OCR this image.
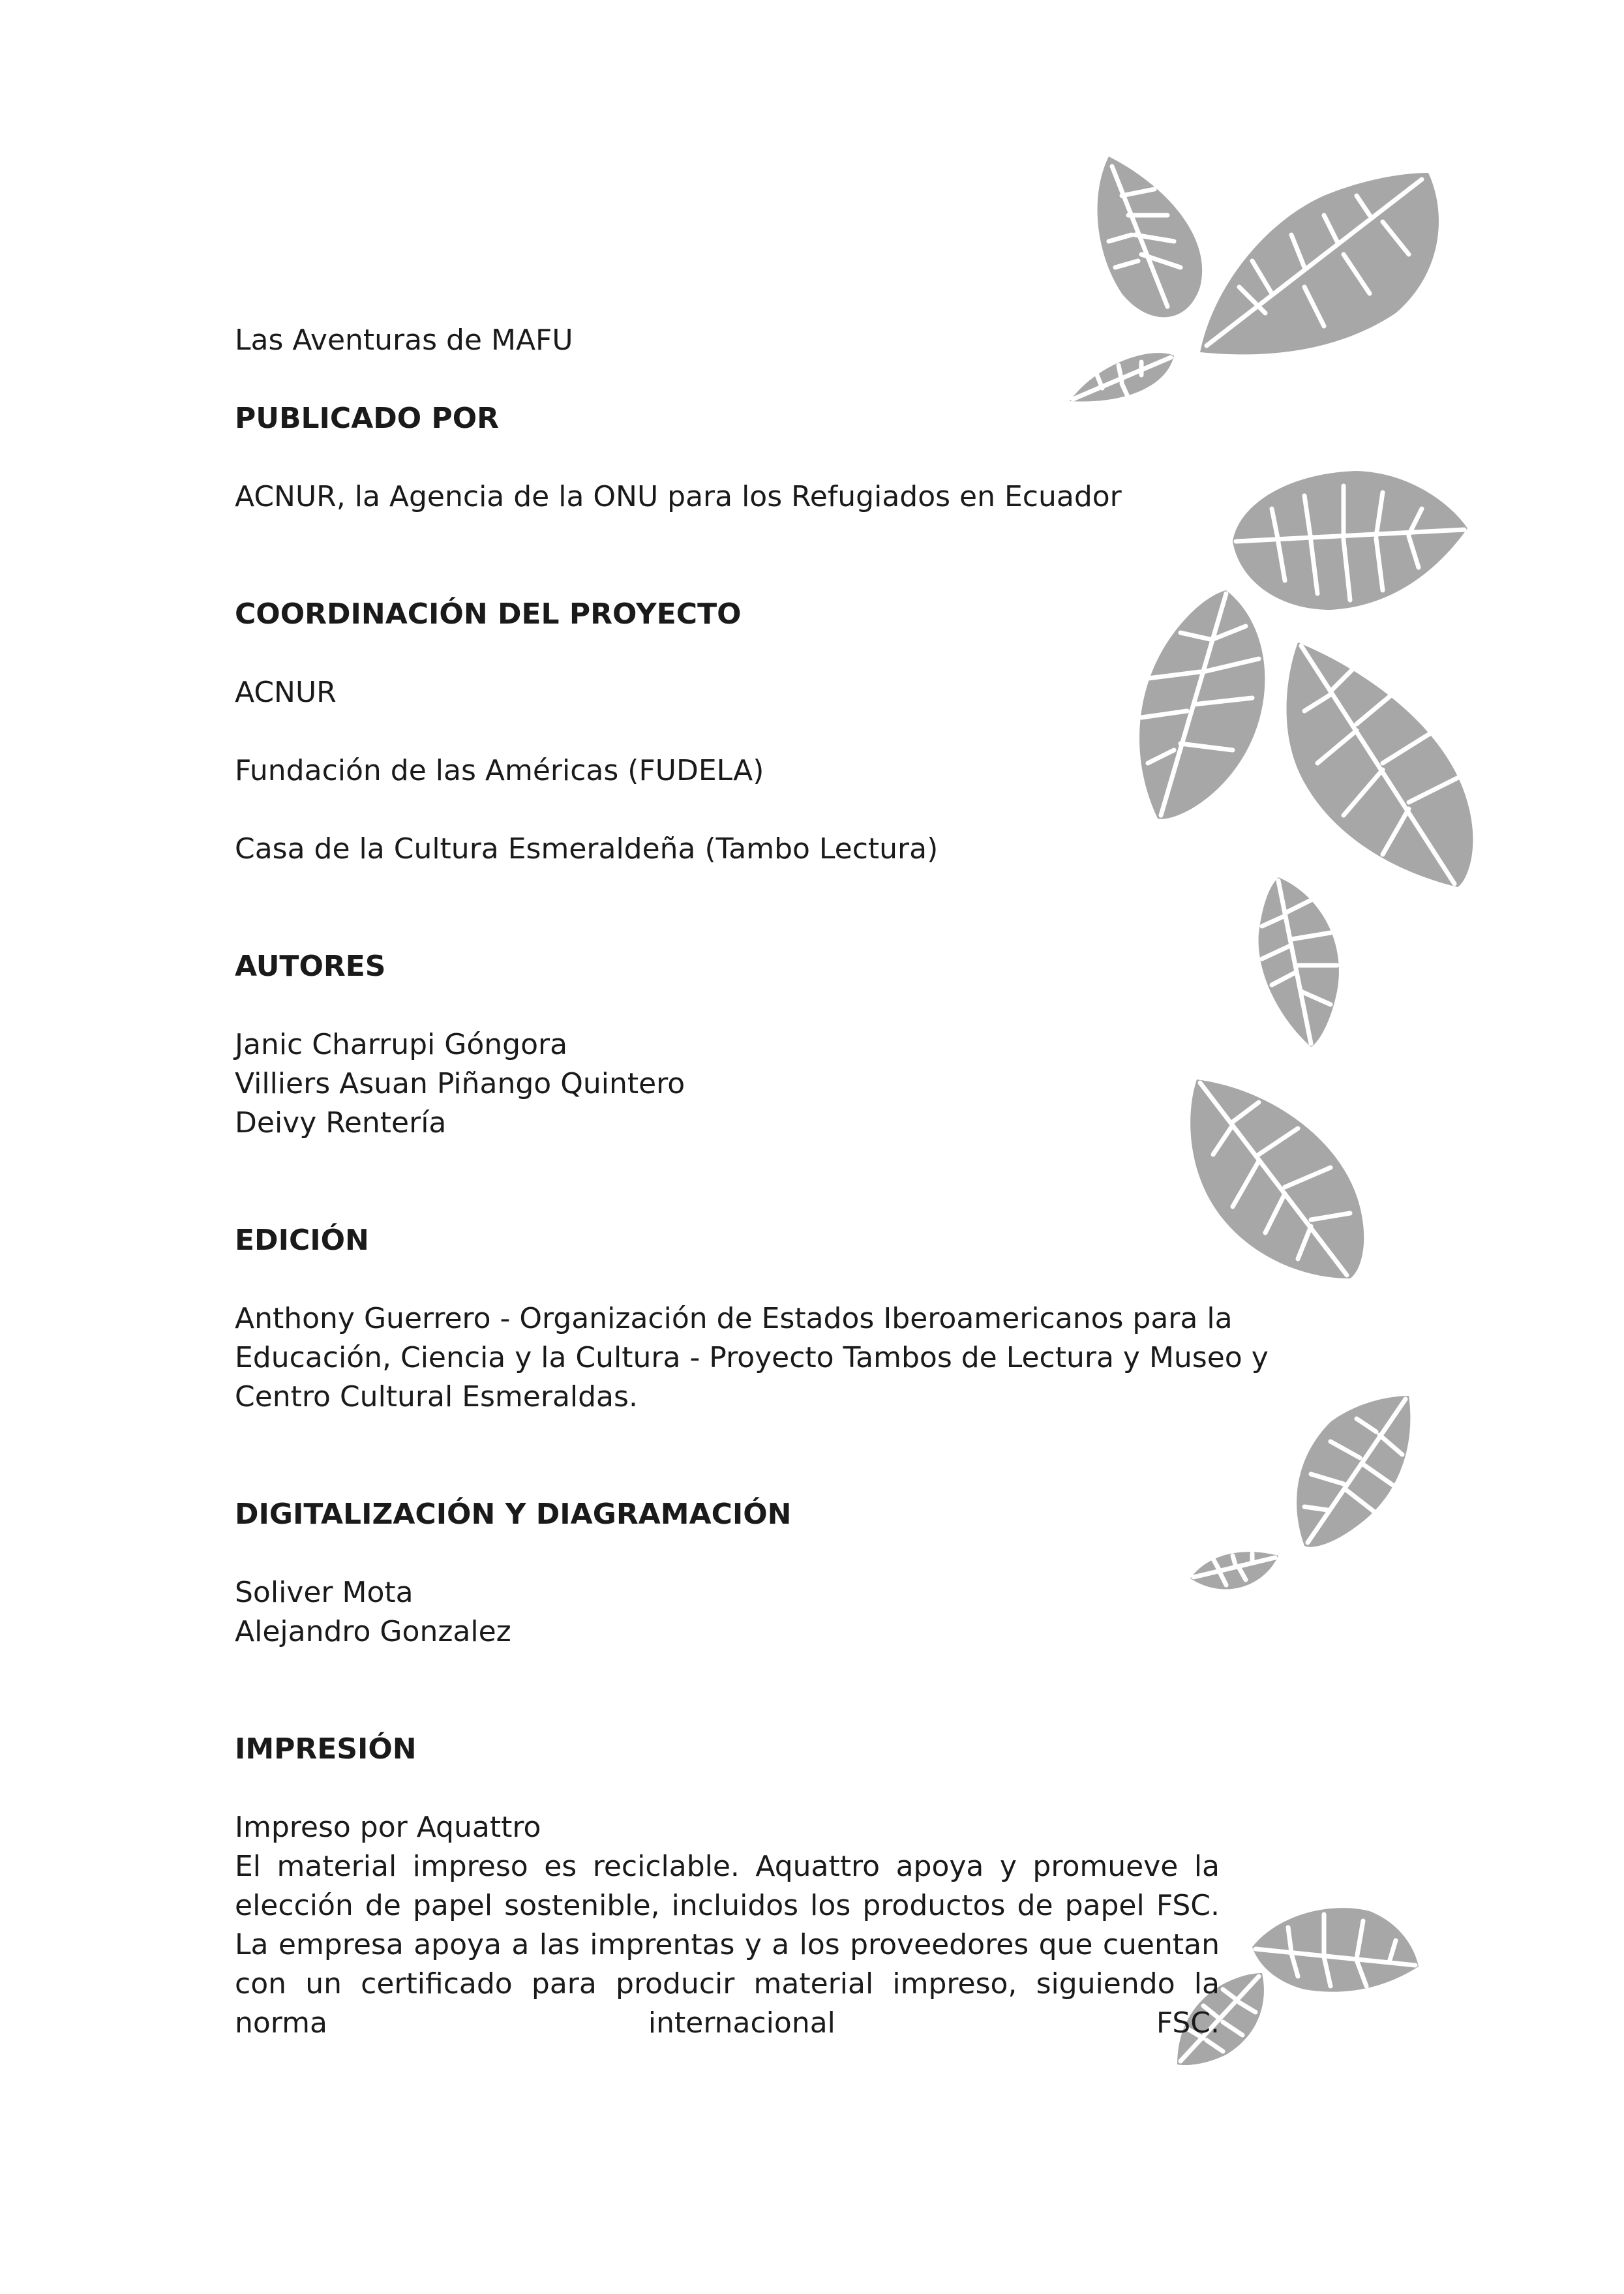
Las Aventuras de MAFU
PUBLICADO POR
ACNUR, la Agencia de la ONU para los Refugiados en Ecuador
COORDINACIÓN DEL PROYECTO
ACNUR
Fundación de las Américas (FUDELA)
Casa de la Cultura Esmeraldeña (Tambo Lectura)
AUTORES
Janic Charrupi Góngora
Villiers Asuan Piñango Quintero
Deivy Rentería
EDICIÓN
Anthony Guerrero - Organización de Estados Iberoamericanos para la
Educación, Ciencia y la Cultura - Proyecto Tambos de Lectura y Museo y
Centro Cultural Esmeraldas.
DIGITALIZACIÓN Y DIAGRAMACIÓN
Soliver Mota
Alejandro Gonzalez
IMPRESIÓN
Impreso por Aquattro
El material impreso es reciclable. Aquattro apoya y promueve la elección de papel sostenible, incluidos los productos de papel FSC. La empresa apoya a las imprentas y a los proveedores que cuentan con un certificado para producir material impreso, siguiendo la norma internacional FSC.
